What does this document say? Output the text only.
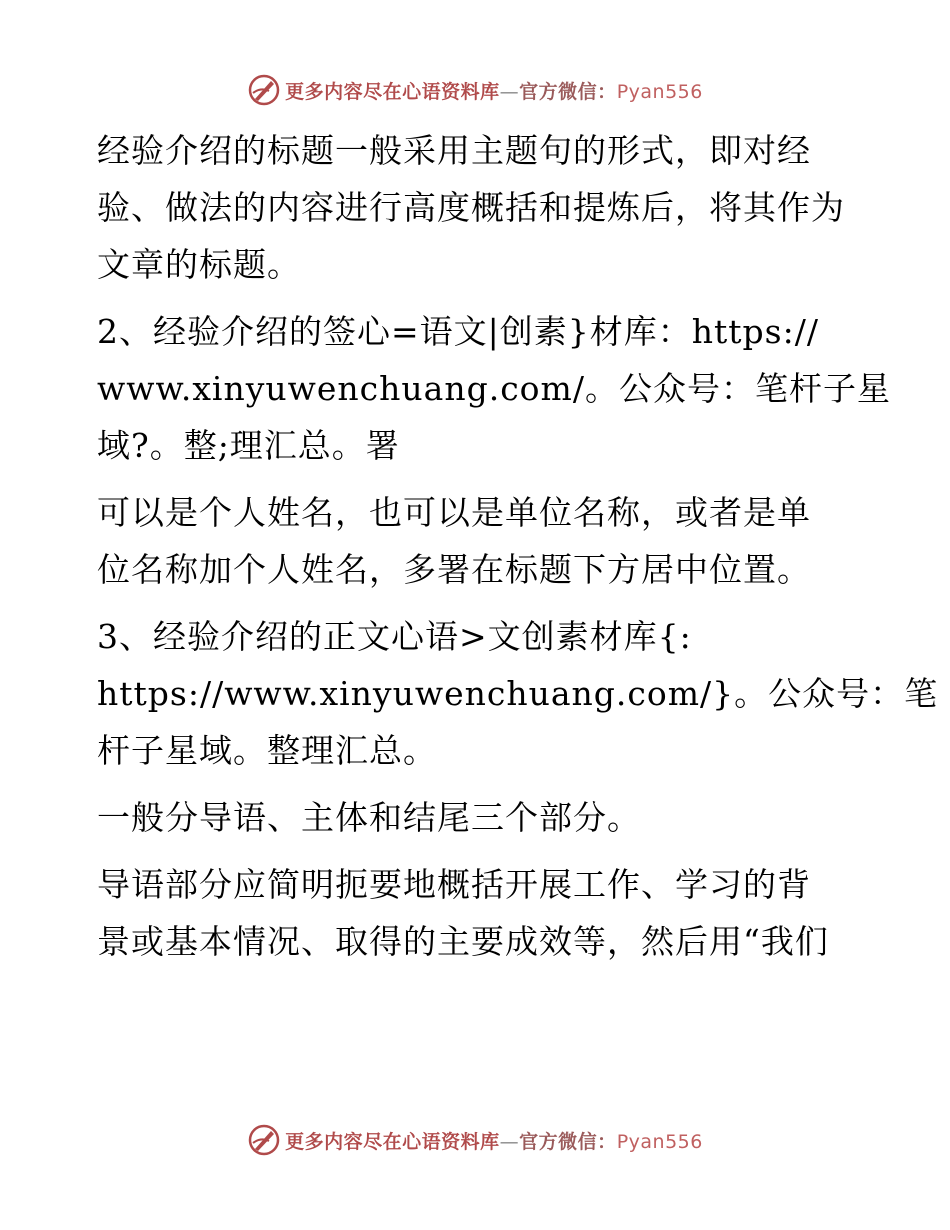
更多内容尽在心语资料库—官方微信：Pyan556
经验介绍的标题一般采用主题句的形式，即对经
验、做法的内容进行高度概括和提炼后，将其作为
文章的标题。
2、经验介绍的签心=语文|创素}材库：https://
www.xinyuwenchuang.com/。公众号：笔杆子星
域?。整;理汇总。署
可以是个人姓名，也可以是单位名称，或者是单
位名称加个人姓名，多署在标题下方居中位置。
3、经验介绍的正文心语>文创素材库{:
https://www.xinyuwenchuang.com/}。公众号：笔
杆子星域。整理汇总。
一般分导语、主体和结尾三个部分。
导语部分应简明扼要地概括开展工作、学习的背
景或基本情况、取得的主要成效等，然后用“我们
更多内容尽在心语资料库—官方微信：Pyan556
